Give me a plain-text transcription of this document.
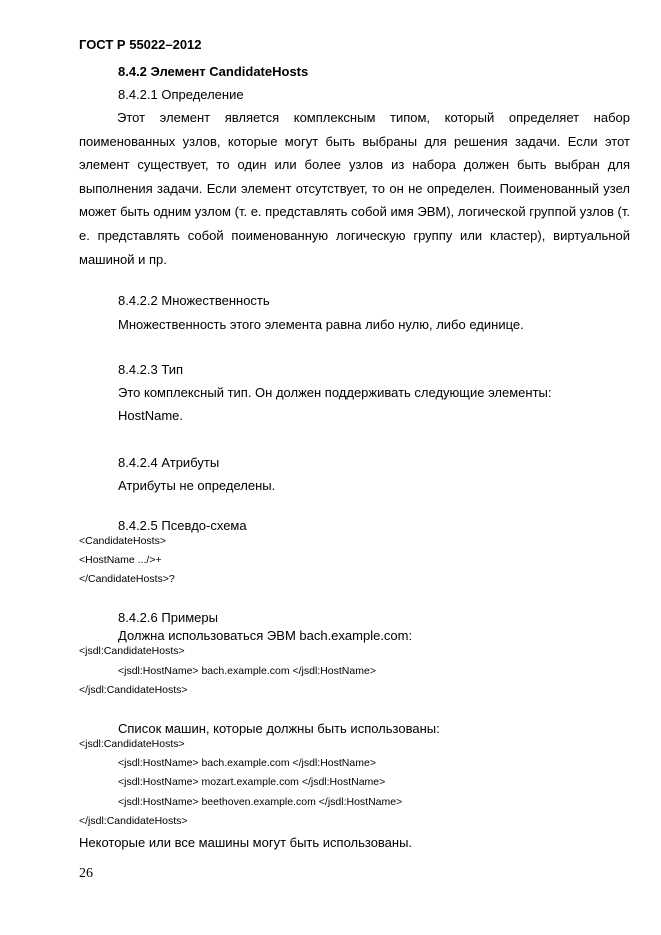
ГОСТ Р 55022–2012
8.4.2 Элемент CandidateHosts
8.4.2.1 Определение
Этот элемент является комплексным типом, который определяет набор поименованных узлов, которые могут быть выбраны для решения задачи. Если этот элемент существует, то один или более узлов из набора должен быть выбран для выполнения задачи. Если элемент отсутствует, то он не определен. Поименованный узел может быть одним узлом (т. е. представлять собой имя ЭВМ), логической группой узлов (т. е. представлять собой поименованную логическую группу или кластер), виртуальной машиной и пр.
8.4.2.2 Множественность
Множественность этого элемента равна либо нулю, либо единице.
8.4.2.3 Тип
Это комплексный тип. Он должен поддерживать следующие элементы:
HostName.
8.4.2.4 Атрибуты
Атрибуты не определены.
8.4.2.5 Псевдо-схема
<CandidateHosts>
<HostName .../>+
</CandidateHosts>?
8.4.2.6 Примеры
Должна использоваться ЭВМ bach.example.com:
<jsdl:CandidateHosts>
<jsdl:HostName> bach.example.com </jsdl:HostName>
</jsdl:CandidateHosts>
Список машин, которые должны быть использованы:
<jsdl:CandidateHosts>
<jsdl:HostName> bach.example.com </jsdl:HostName>
<jsdl:HostName> mozart.example.com </jsdl:HostName>
<jsdl:HostName> beethoven.example.com </jsdl:HostName>
</jsdl:CandidateHosts>
Некоторые или все машины могут быть использованы.
26
